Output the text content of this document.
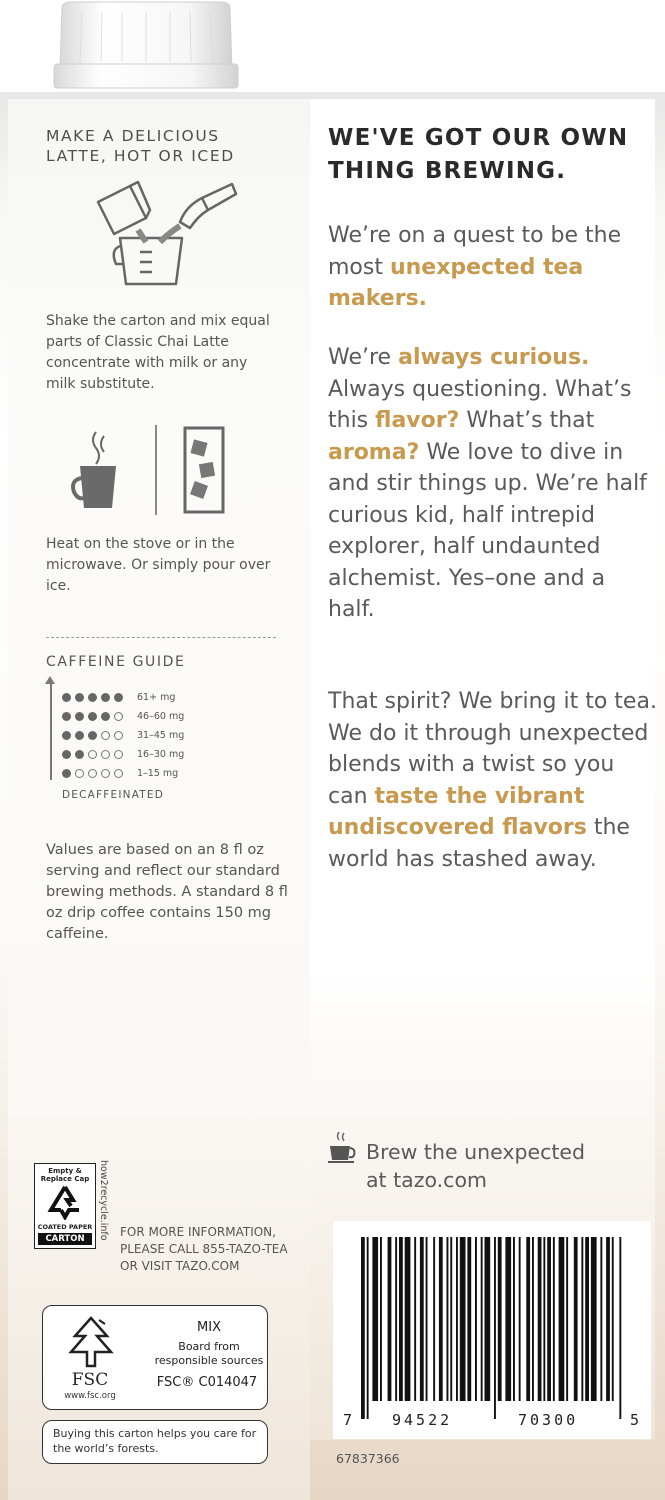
MAKE A DELICIOUS
LATTE, HOT OR ICED
Shake the carton and mix equal parts of Classic Chai Latte concentrate with milk or any milk substitute.
Heat on the stove or in the microwave. Or simply pour over ice.
CAFFEINE GUIDE
61+ mg
46–60 mg
31–45 mg
16–30 mg
1–15 mg
DECAFFEINATED
Values are based on an 8 fl oz serving and reflect our standard brewing methods. A standard 8 fl oz drip coffee contains 150 mg caffeine.
WE'VE GOT OUR OWN
THING BREWING.
We’re on a quest to be the most unexpected tea makers.
We’re always curious. Always questioning. What’s this flavor? What’s that aroma? We love to dive in and stir things up. We’re half curious kid, half intrepid explorer, half undaunted alchemist. Yes–one and a half.
That spirit? We bring it to tea. We do it through unexpected blends with a twist so you can taste the vibrant undiscovered flavors the world has stashed away.
Brew the unexpected
at tazo.com
Empty &
Replace Cap
COATED PAPER
CARTON	how2recycle.info FOR MORE INFORMATION,
PLEASE CALL 855-TAZO-TEA
OR VISIT TAZO.COM
FSC
www.fsc.org
MIX
Board from responsible sources
FSC® C014047
Buying this carton helps you care for the world’s forests.
7	94522	70300	5
67837366
